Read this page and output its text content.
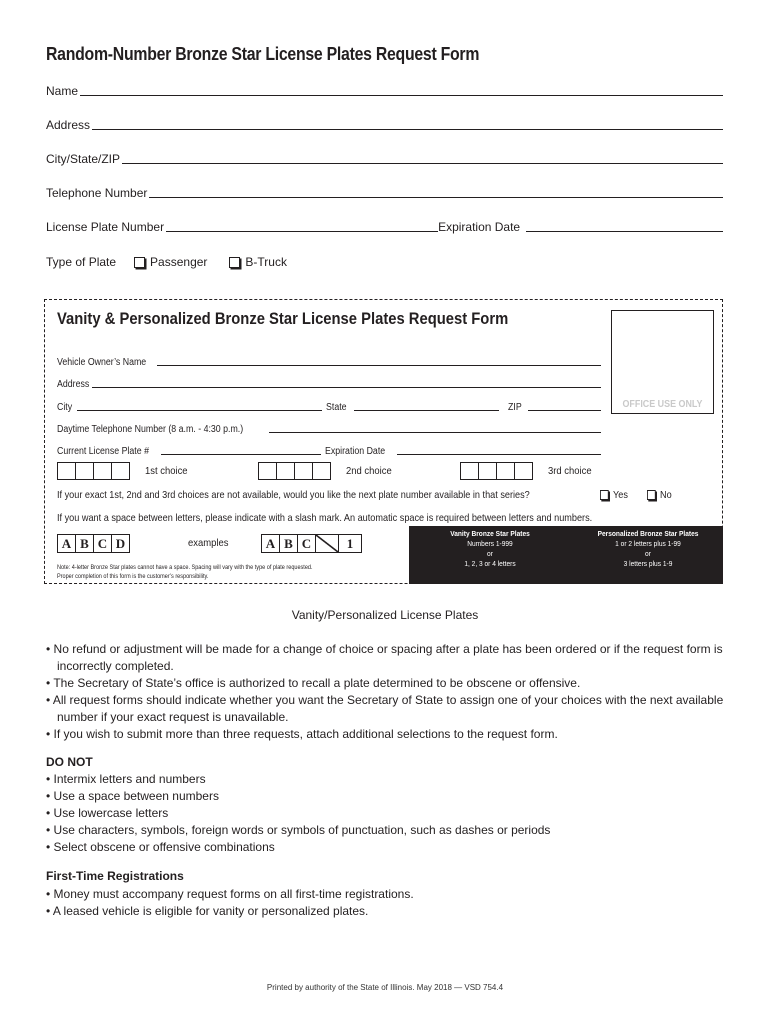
Random-Number Bronze Star License Plates Request Form
Name
Address
City/State/ZIP
Telephone Number
License Plate Number	Expiration Date
Type of Plate	Passenger	B-Truck
Vanity & Personalized Bronze Star License Plates Request Form
OFFICE USE ONLY
Vehicle Owner’s Name
Address
City	State	ZIP
Daytime Telephone Number (8 a.m. - 4:30 p.m.)
Current License Plate #	Expiration Date
1st choice	2nd choice	3rd choice
If your exact 1st, 2nd and 3rd choices are not available, would you like the next plate number available in that series?	Yes	No
If you want a space between letters, please indicate with a slash mark. An automatic space is required between letters and numbers.
A B C D	examples	A B C	1
Note: 4-letter Bronze Star plates cannot have a space. Spacing will vary with the type of plate requested.
Proper completion of this form is the customer’s responsibility.
Vanity Bronze Star Plates
Numbers 1-999
or
1, 2, 3 or 4 letters
Personalized Bronze Star Plates
1 or 2 letters plus 1-99
or
3 letters plus 1-9
Vanity/Personalized License Plates
• No refund or adjustment will be made for a change of choice or spacing after a plate has been ordered or if the request form is incorrectly completed.
• The Secretary of State’s office is authorized to recall a plate determined to be obscene or offensive.
• All request forms should indicate whether you want the Secretary of State to assign one of your choices with the next available number if your exact request is unavailable.
• If you wish to submit more than three requests, attach additional selections to the request form.
DO NOT
• Intermix letters and numbers
• Use a space between numbers
• Use lowercase letters
• Use characters, symbols, foreign words or symbols of punctuation, such as dashes or periods
• Select obscene or offensive combinations
First-Time Registrations
• Money must accompany request forms on all first-time registrations.
• A leased vehicle is eligible for vanity or personalized plates.
Printed by authority of the State of Illinois. May 2018 — VSD 754.4
